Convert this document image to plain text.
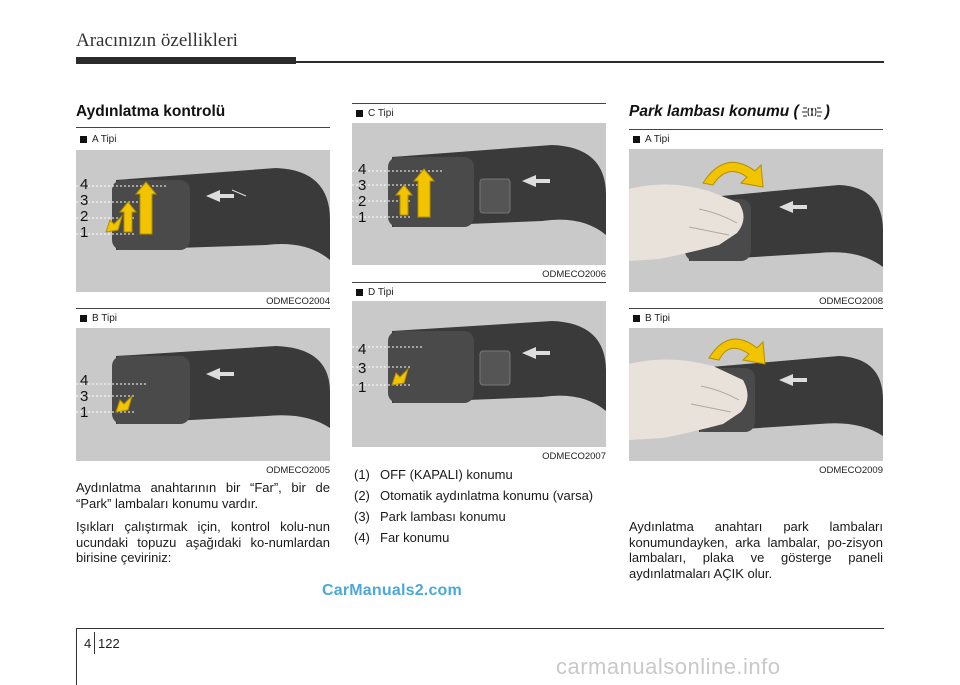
Aracınızın özellikleri
Aydınlatma kontrolü
A Tipi
4
3
2
1
ODMECO2004
B Tipi
4
3
1
ODMECO2005
Aydınlatma anahtarının bir “Far”, bir de “Park” lambaları konumu vardır.
Işıkları çalıştırmak için, kontrol kolu-nun ucundaki topuzu aşağıdaki ko-numlardan birisine çeviriniz:
C Tipi
4
3
2
1
ODMECO2006
D Tipi
4
3
1
ODMECO2007
(1) OFF (KAPALI) konumu
(2) Otomatik aydınlatma konumu (varsa)
(3) Park lambası konumu
(4) Far konumu
Park lambası konumu ( )
A Tipi
ODMECO2008
B Tipi
ODMECO2009
Aydınlatma anahtarı park lambaları konumundayken, arka lambalar, po-zisyon lambaları, plaka ve gösterge paneli aydınlatmaları AÇIK olur.
CarManuals2.com
4 122
carmanualsonline.info
